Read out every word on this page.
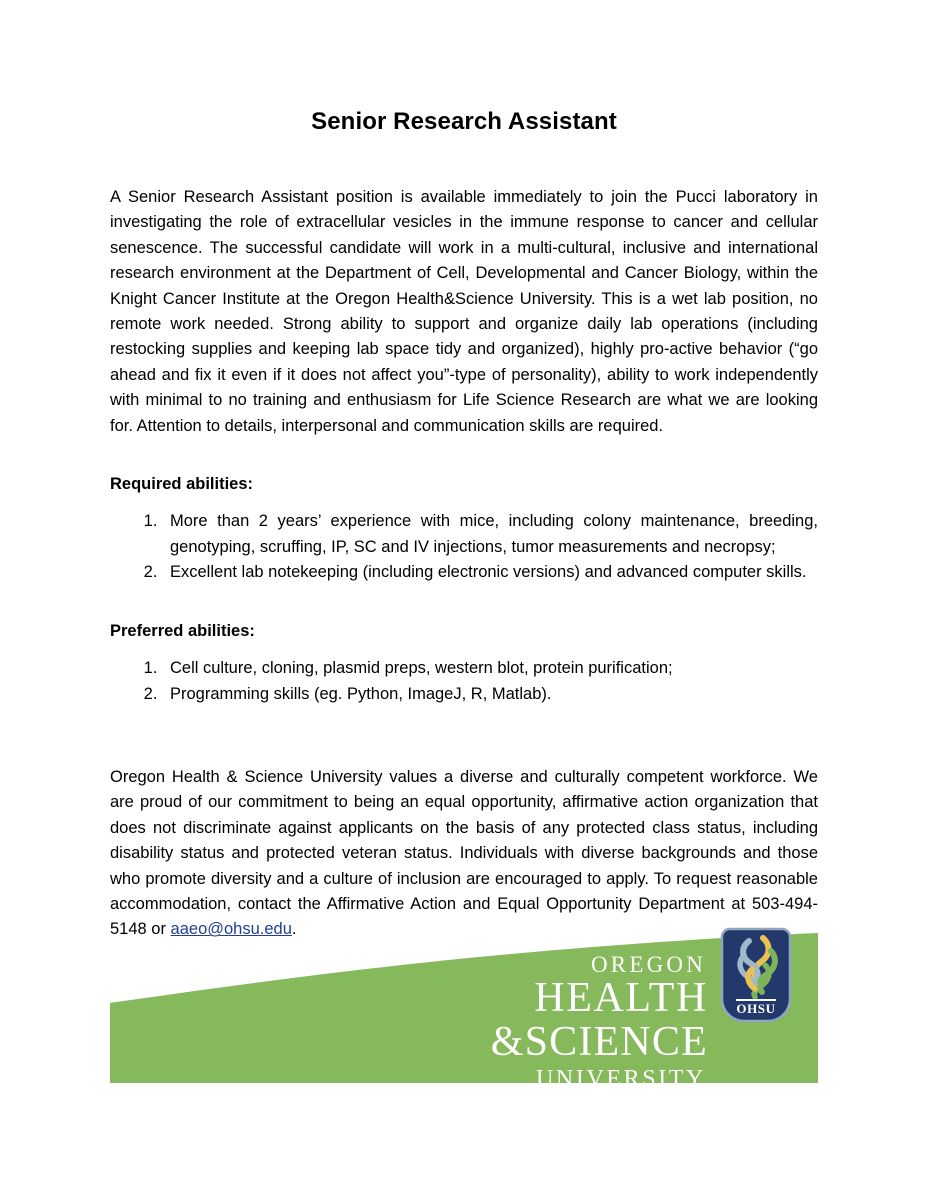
Senior Research Assistant

A Senior Research Assistant position is available immediately to join the Pucci laboratory in investigating the role of extracellular vesicles in the immune response to cancer and cellular senescence. The successful candidate will work in a multi-cultural, inclusive and international research environment at the Department of Cell, Developmental and Cancer Biology, within the Knight Cancer Institute at the Oregon Health&Science University. This is a wet lab position, no remote work needed. Strong ability to support and organize daily lab operations (including restocking supplies and keeping lab space tidy and organized), highly pro-active behavior (“go ahead and fix it even if it does not affect you”-type of personality), ability to work independently with minimal to no training and enthusiasm for Life Science Research are what we are looking for. Attention to details, interpersonal and communication skills are required.

Required abilities:

1. More than 2 years’ experience with mice, including colony maintenance, breeding, genotyping, scruffing, IP, SC and IV injections, tumor measurements and necropsy;
2. Excellent lab notekeeping (including electronic versions) and advanced computer skills.

Preferred abilities:

1. Cell culture, cloning, plasmid preps, western blot, protein purification;
2. Programming skills (eg. Python, ImageJ, R, Matlab).

Oregon Health & Science University values a diverse and culturally competent workforce. We are proud of our commitment to being an equal opportunity, affirmative action organization that does not discriminate against applicants on the basis of any protected class status, including disability status and protected veteran status. Individuals with diverse backgrounds and those who promote diversity and a culture of inclusion are encouraged to apply. To request reasonable accommodation, contact the Affirmative Action and Equal Opportunity Department at 503-494-5148 or aaeo@ohsu.edu.

OREGON
HEALTH
&SCIENCE
UNIVERSITY
OHSU
